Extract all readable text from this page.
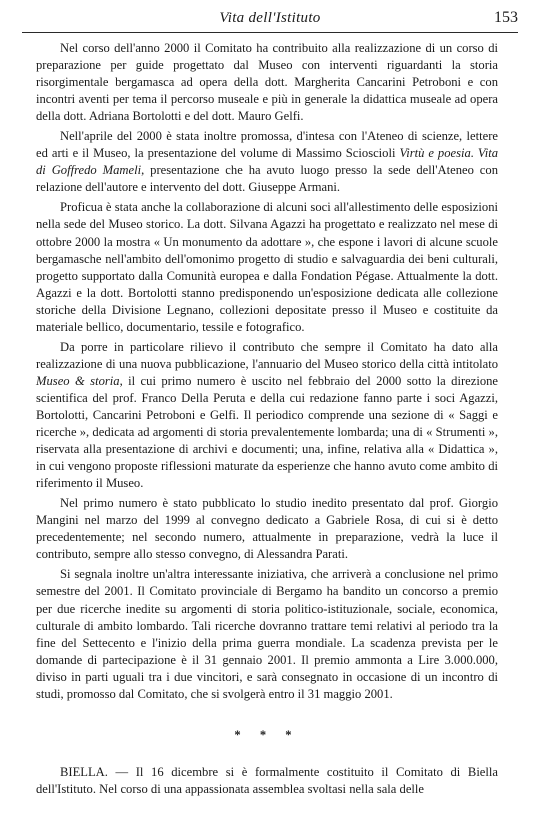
Vita dell'Istituto	153

Nel corso dell'anno 2000 il Comitato ha contribuito alla realizzazione di un corso di preparazione per guide progettato dal Museo con interventi riguardanti la storia risorgimentale bergamasca ad opera della dott. Margherita Cancarini Petroboni e con incontri aventi per tema il percorso museale e più in generale la didattica museale ad opera della dott. Adriana Bortolotti e del dott. Mauro Gelfi.

Nell'aprile del 2000 è stata inoltre promossa, d'intesa con l'Ateneo di scienze, lettere ed arti e il Museo, la presentazione del volume di Massimo Scioscioli Virtù e poesia. Vita di Goffredo Mameli, presentazione che ha avuto luogo presso la sede dell'Ateneo con relazione dell'autore e intervento del dott. Giuseppe Armani.

Proficua è stata anche la collaborazione di alcuni soci all'allestimento delle esposizioni nella sede del Museo storico. La dott. Silvana Agazzi ha progettato e realizzato nel mese di ottobre 2000 la mostra « Un monumento da adottare », che espone i lavori di alcune scuole bergamasche nell'ambito dell'omonimo progetto di studio e salvaguardia dei beni culturali, progetto supportato dalla Comunità europea e dalla Fondation Pégase. Attualmente la dott. Agazzi e la dott. Bortolotti stanno predisponendo un'esposizione dedicata alle collezione storiche della Divisione Legnano, collezioni depositate presso il Museo e costituite da materiale bellico, documentario, tessile e fotografico.

Da porre in particolare rilievo il contributo che sempre il Comitato ha dato alla realizzazione di una nuova pubblicazione, l'annuario del Museo storico della città intitolato Museo & storia, il cui primo numero è uscito nel febbraio del 2000 sotto la direzione scientifica del prof. Franco Della Peruta e della cui redazione fanno parte i soci Agazzi, Bortolotti, Cancarini Petroboni e Gelfi. Il periodico comprende una sezione di « Saggi e ricerche », dedicata ad argomenti di storia prevalentemente lombarda; una di « Strumenti », riservata alla presentazione di archivi e documenti; una, infine, relativa alla « Didattica », in cui vengono proposte riflessioni maturate da esperienze che hanno avuto come ambito di riferimento il Museo.

Nel primo numero è stato pubblicato lo studio inedito presentato dal prof. Giorgio Mangini nel marzo del 1999 al convegno dedicato a Gabriele Rosa, di cui si è detto precedentemente; nel secondo numero, attualmente in preparazione, vedrà la luce il contributo, sempre allo stesso convegno, di Alessandra Parati.

Si segnala inoltre un'altra interessante iniziativa, che arriverà a conclusione nel primo semestre del 2001. Il Comitato provinciale di Bergamo ha bandito un concorso a premio per due ricerche inedite su argomenti di storia politico-istituzionale, sociale, economica, culturale di ambito lombardo. Tali ricerche dovranno trattare temi relativi al periodo tra la fine del Settecento e l'inizio della prima guerra mondiale. La scadenza prevista per le domande di partecipazione è il 31 gennaio 2001. Il premio ammonta a Lire 3.000.000, diviso in parti uguali tra i due vincitori, e sarà consegnato in occasione di un incontro di studi, promosso dal Comitato, che si svolgerà entro il 31 maggio 2001.

* * *

BIELLA. — Il 16 dicembre si è formalmente costituito il Comitato di Biella dell'Istituto. Nel corso di una appassionata assemblea svoltasi nella sala delle
